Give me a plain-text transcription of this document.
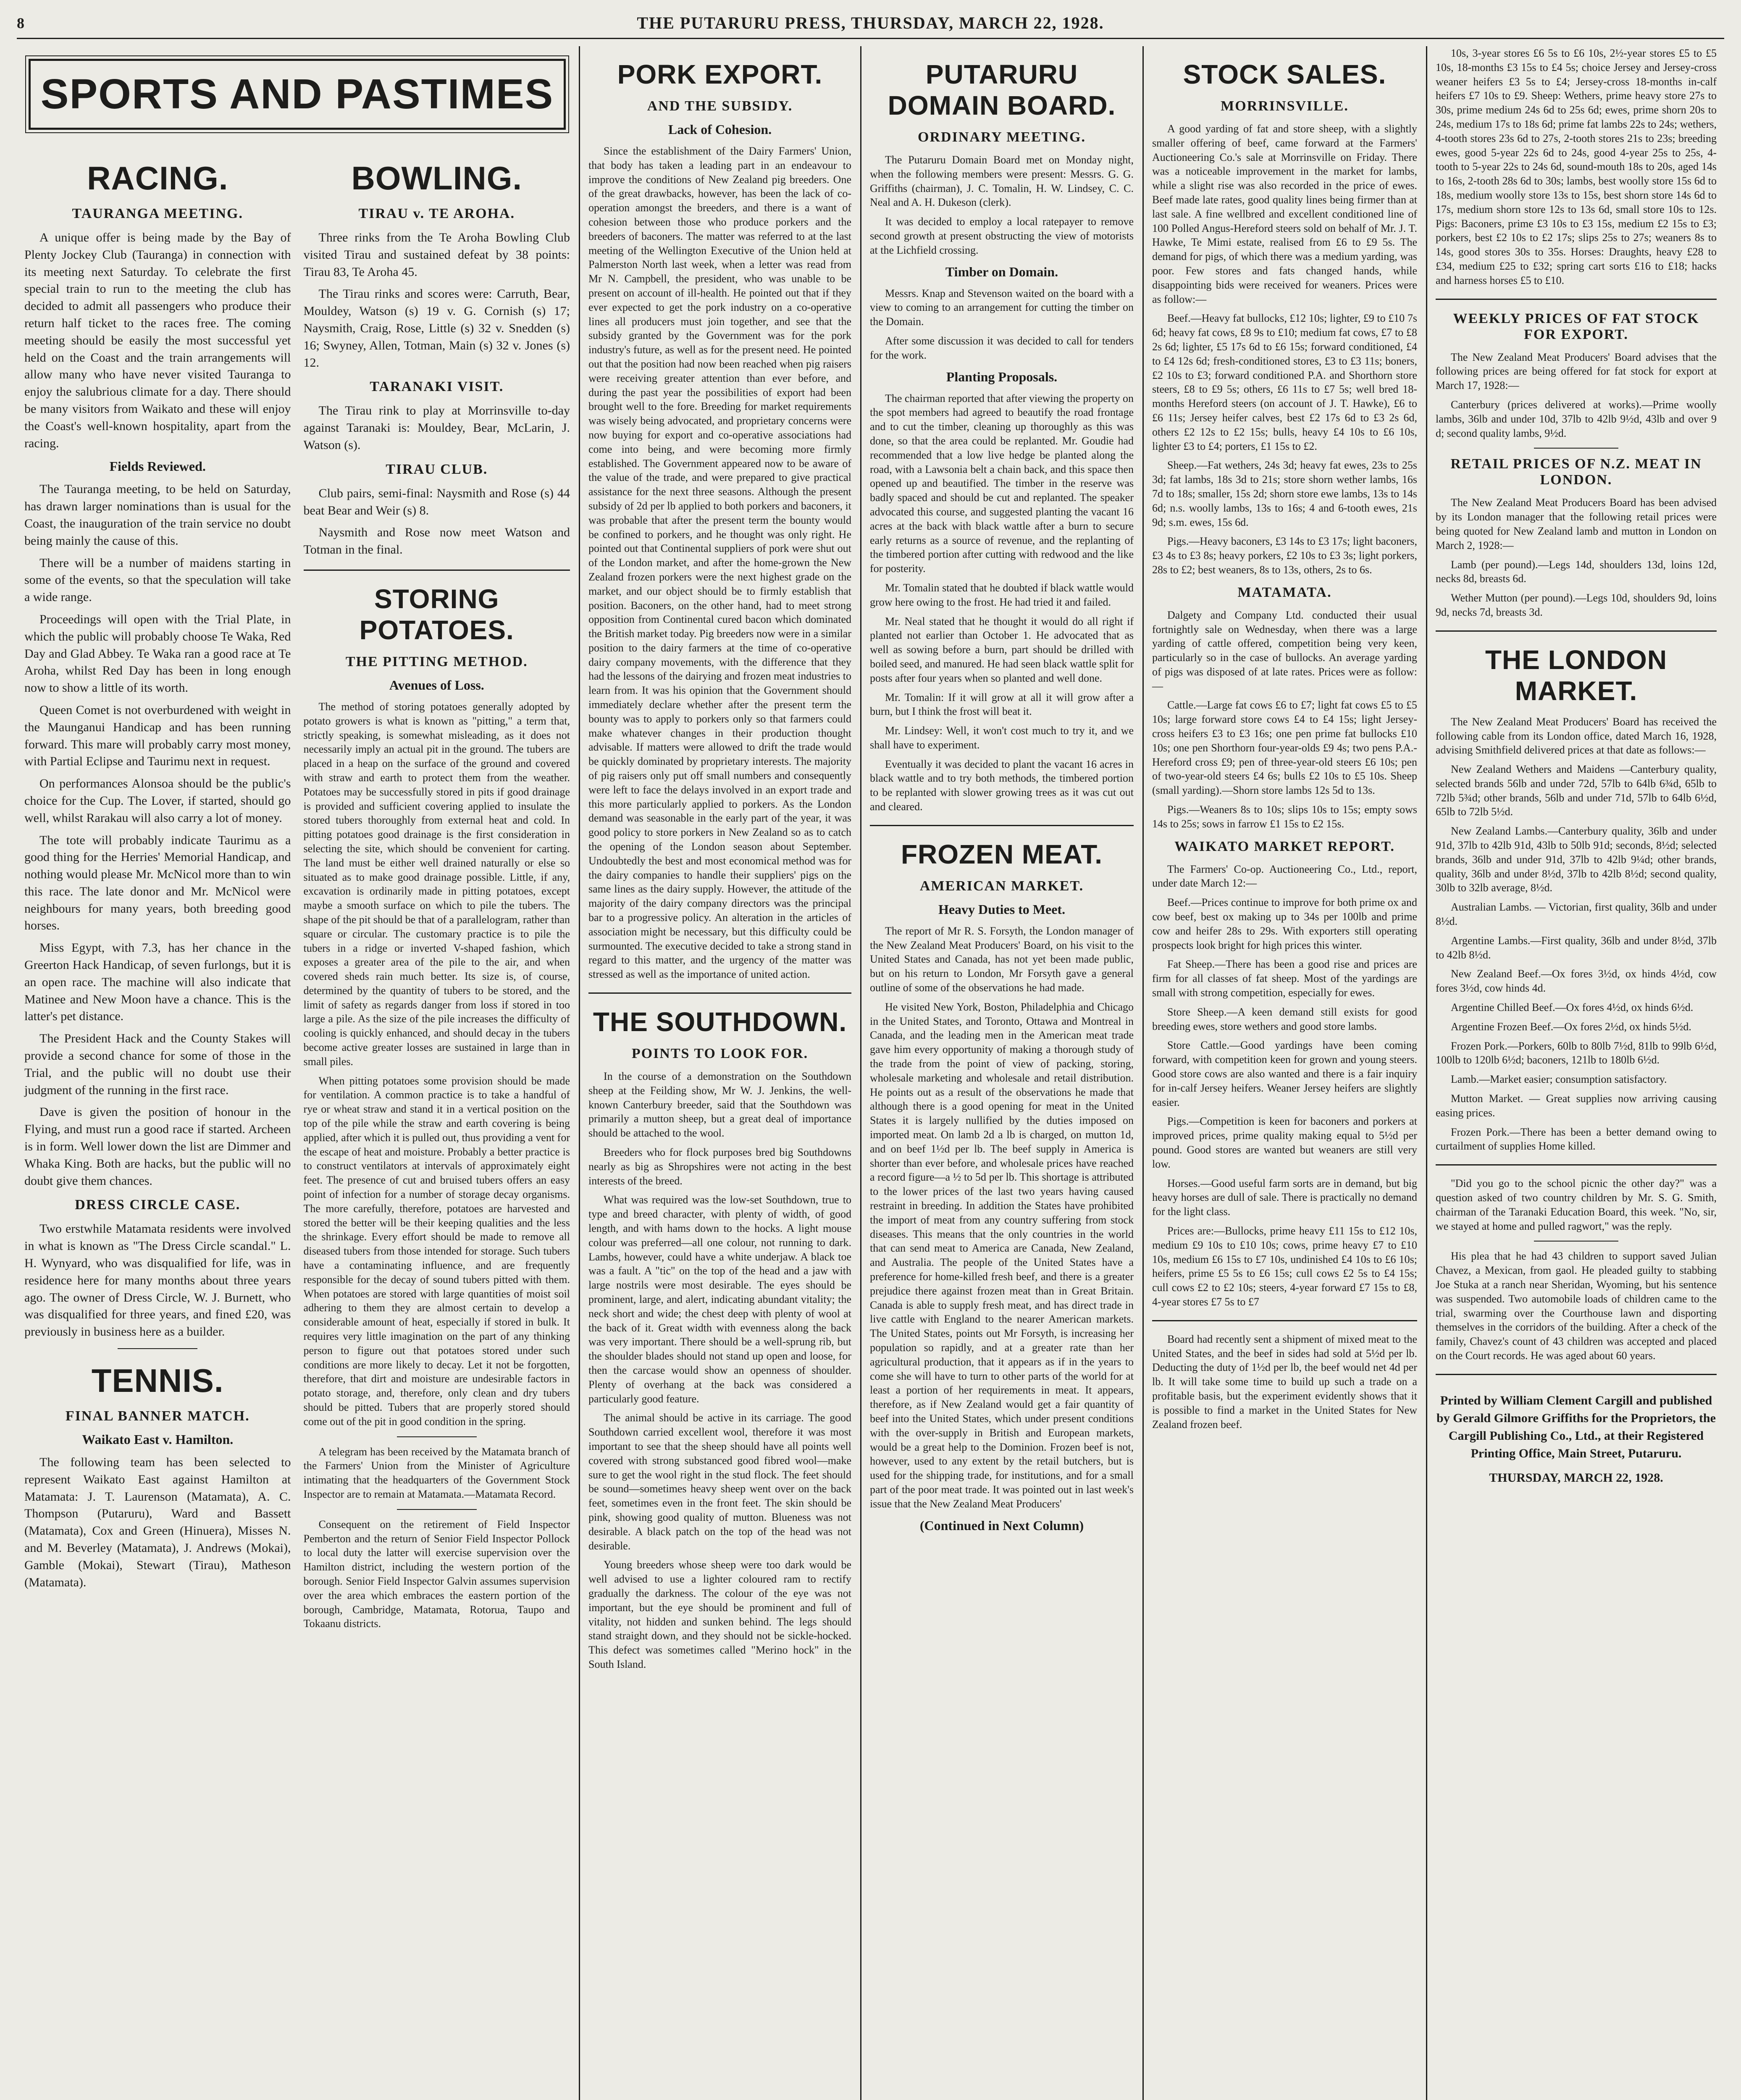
8	THE PUTARURU PRESS, THURSDAY, MARCH 22, 1928.
SPORTS AND PASTIMES
RACING.
TAURANGA MEETING.

A unique offer is being made by the Bay of Plenty Jockey Club (Tauranga) in connection with its meeting next Saturday. To celebrate the first special train to run to the meeting the club has decided to admit all passengers who produce their return half ticket to the races free. The coming meeting should be easily the most successful yet held on the Coast and the train arrangements will allow many who have never visited Tauranga to enjoy the salubrious climate for a day. There should be many visitors from Waikato and these will enjoy the Coast's well-known hospitality, apart from the racing.

Fields Reviewed.

The Tauranga meeting, to be held on Saturday, has drawn larger nominations than is usual for the Coast, the inauguration of the train service no doubt being mainly the cause of this.

There will be a number of maidens starting in some of the events, so that the speculation will take a wide range.

Proceedings will open with the Trial Plate, in which the public will probably choose Te Waka, Red Day and Glad Abbey. Te Waka ran a good race at Te Aroha, whilst Red Day has been in long enough now to show a little of its worth.

Queen Comet is not overburdened with weight in the Maunganui Handicap and has been running forward. This mare will probably carry most money, with Partial Eclipse and Taurimu next in request.

On performances Alonsoa should be the public's choice for the Cup. The Lover, if started, should go well, whilst Rarakau will also carry a lot of money.

The tote will probably indicate Taurimu as a good thing for the Herries' Memorial Handicap, and nothing would please Mr. McNicol more than to win this race. The late donor and Mr. McNicol were neighbours for many years, both breeding good horses.

Miss Egypt, with 7.3, has her chance in the Greerton Hack Handicap, of seven furlongs, but it is an open race. The machine will also indicate that Matinee and New Moon have a chance. This is the latter's pet distance.

The President Hack and the County Stakes will provide a second chance for some of those in the Trial, and the public will no doubt use their judgment of the running in the first race.

Dave is given the position of honour in the Flying, and must run a good race if started. Archeen is in form. Well lower down the list are Dimmer and Whaka King. Both are hacks, but the public will no doubt give them chances.

DRESS CIRCLE CASE.

Two erstwhile Matamata residents were involved in what is known as "The Dress Circle scandal." L. H. Wynyard, who was disqualified for life, was in residence here for many months about three years ago. The owner of Dress Circle, W. J. Burnett, who was disqualified for three years, and fined £20, was previously in business here as a builder.

TENNIS.
FINAL BANNER MATCH.
Waikato East v. Hamilton.

The following team has been selected to represent Waikato East against Hamilton at Matamata: J. T. Laurenson (Matamata), A. C. Thompson (Putaruru), Ward and Bassett (Matamata), Cox and Green (Hinuera), Misses N. and M. Beverley (Matamata), J. Andrews (Mokai), Gamble (Mokai), Stewart (Tirau), Matheson (Matamata).

BOWLING.
TIRAU v. TE AROHA.

Three rinks from the Te Aroha Bowling Club visited Tirau and sustained defeat by 38 points: Tirau 83, Te Aroha 45.

The Tirau rinks and scores were: Carruth, Bear, Mouldey, Watson (s) 19 v. G. Cornish (s) 17; Naysmith, Craig, Rose, Little (s) 32 v. Snedden (s) 16; Swyney, Allen, Totman, Main (s) 32 v. Jones (s) 12.

TARANAKI VISIT.

The Tirau rink to play at Morrinsville to-day against Taranaki is: Mouldey, Bear, McLarin, J. Watson (s).

TIRAU CLUB.

Club pairs, semi-final: Naysmith and Rose (s) 44 beat Bear and Weir (s) 8.

Naysmith and Rose now meet Watson and Totman in the final.

STORING POTATOES.
THE PITTING METHOD.
Avenues of Loss.

The method of storing potatoes generally adopted by potato growers is what is known as "pitting," a term that, strictly speaking, is somewhat misleading, as it does not necessarily imply an actual pit in the ground. The tubers are placed in a heap on the surface of the ground and covered with straw and earth to protect them from the weather. Potatoes may be successfully stored in pits if good drainage is provided and sufficient covering applied to insulate the stored tubers thoroughly from external heat and cold. In pitting potatoes good drainage is the first consideration in selecting the site, which should be convenient for carting. The land must be either well drained naturally or else so situated as to make good drainage possible. Little, if any, excavation is ordinarily made in pitting potatoes, except maybe a smooth surface on which to pile the tubers. The shape of the pit should be that of a parallelogram, rather than square or circular. The customary practice is to pile the tubers in a ridge or inverted V-shaped fashion, which exposes a greater area of the pile to the air, and when covered sheds rain much better. Its size is, of course, determined by the quantity of tubers to be stored, and the limit of safety as regards danger from loss if stored in too large a pile. As the size of the pile increases the difficulty of cooling is quickly enhanced, and should decay in the tubers become active greater losses are sustained in large than in small piles.

When pitting potatoes some provision should be made for ventilation. A common practice is to take a handful of rye or wheat straw and stand it in a vertical position on the top of the pile while the straw and earth covering is being applied, after which it is pulled out, thus providing a vent for the escape of heat and moisture. Probably a better practice is to construct ventilators at intervals of approximately eight feet. The presence of cut and bruised tubers offers an easy point of infection for a number of storage decay organisms. The more carefully, therefore, potatoes are harvested and stored the better will be their keeping qualities and the less the shrinkage. Every effort should be made to remove all diseased tubers from those intended for storage. Such tubers have a contaminating influence, and are frequently responsible for the decay of sound tubers pitted with them. When potatoes are stored with large quantities of moist soil adhering to them they are almost certain to develop a considerable amount of heat, especially if stored in bulk. It requires very little imagination on the part of any thinking person to figure out that potatoes stored under such conditions are more likely to decay. Let it not be forgotten, therefore, that dirt and moisture are undesirable factors in potato storage, and, therefore, only clean and dry tubers should be pitted. Tubers that are properly stored should come out of the pit in good condition in the spring.

A telegram has been received by the Matamata branch of the Farmers' Union from the Minister of Agriculture intimating that the headquarters of the Government Stock Inspector are to remain at Matamata.—Matamata Record.

Consequent on the retirement of Field Inspector Pemberton and the return of Senior Field Inspector Pollock to local duty the latter will exercise supervision over the Hamilton district, including the western portion of the borough. Senior Field Inspector Galvin assumes supervision over the area which embraces the eastern portion of the borough, Cambridge, Matamata, Rotorua, Taupo and Tokaanu districts.

PORK EXPORT.
AND THE SUBSIDY.
Lack of Cohesion.

Since the establishment of the Dairy Farmers' Union, that body has taken a leading part in an endeavour to improve the conditions of New Zealand pig breeders. One of the great drawbacks, however, has been the lack of co-operation amongst the breeders, and there is a want of cohesion between those who produce porkers and the breeders of baconers. The matter was referred to at the last meeting of the Wellington Executive of the Union held at Palmerston North last week, when a letter was read from Mr N. Campbell, the president, who was unable to be present on account of ill-health. He pointed out that if they ever expected to get the pork industry on a co-operative lines all producers must join together, and see that the subsidy granted by the Government was for the pork industry's future, as well as for the present need. He pointed out that the position had now been reached when pig raisers were receiving greater attention than ever before, and during the past year the possibilities of export had been brought well to the fore. Breeding for market requirements was wisely being advocated, and proprietary concerns were now buying for export and co-operative associations had come into being, and were becoming more firmly established. The Government appeared now to be aware of the value of the trade, and were prepared to give practical assistance for the next three seasons. Although the present subsidy of 2d per lb applied to both porkers and baconers, it was probable that after the present term the bounty would be confined to porkers, and he thought was only right. He pointed out that Continental suppliers of pork were shut out of the London market, and after the home-grown the New Zealand frozen porkers were the next highest grade on the market, and our object should be to firmly establish that position. Baconers, on the other hand, had to meet strong opposition from Continental cured bacon which dominated the British market today. Pig breeders now were in a similar position to the dairy farmers at the time of co-operative dairy company movements, with the difference that they had the lessons of the dairying and frozen meat industries to learn from. It was his opinion that the Government should immediately declare whether after the present term the bounty was to apply to porkers only so that farmers could make whatever changes in their production thought advisable. If matters were allowed to drift the trade would be quickly dominated by proprietary interests. The majority of pig raisers only put off small numbers and consequently were left to face the delays involved in an export trade and this more particularly applied to porkers. As the London demand was seasonable in the early part of the year, it was good policy to store porkers in New Zealand so as to catch the opening of the London season about September. Undoubtedly the best and most economical method was for the dairy companies to handle their suppliers' pigs on the same lines as the dairy supply. However, the attitude of the majority of the dairy company directors was the principal bar to a progressive policy. An alteration in the articles of association might be necessary, but this difficulty could be surmounted. The executive decided to take a strong stand in regard to this matter, and the urgency of the matter was stressed as well as the importance of united action.

THE SOUTHDOWN.
POINTS TO LOOK FOR.

In the course of a demonstration on the Southdown sheep at the Feilding show, Mr W. J. Jenkins, the well-known Canterbury breeder, said that the Southdown was primarily a mutton sheep, but a great deal of importance should be attached to the wool.

Breeders who for flock purposes bred big Southdowns nearly as big as Shropshires were not acting in the best interests of the breed.

What was required was the low-set Southdown, true to type and breed character, with plenty of width, of good length, and with hams down to the hocks. A light mouse colour was preferred—all one colour, not running to dark. Lambs, however, could have a white underjaw. A black toe was a fault. A "tic" on the top of the head and a jaw with large nostrils were most desirable. The eyes should be prominent, large, and alert, indicating abundant vitality; the neck short and wide; the chest deep with plenty of wool at the back of it. Great width with evenness along the back was very important. There should be a well-sprung rib, but the shoulder blades should not stand up open and loose, for then the carcase would show an openness of shoulder. Plenty of overhang at the back was considered a particularly good feature.

The animal should be active in its carriage. The good Southdown carried excellent wool, therefore it was most important to see that the sheep should have all points well covered with strong substanced good fibred wool—make sure to get the wool right in the stud flock. The feet should be sound—sometimes heavy sheep went over on the back feet, sometimes even in the front feet. The skin should be pink, showing good quality of mutton. Blueness was not desirable. A black patch on the top of the head was not desirable.

Young breeders whose sheep were too dark would be well advised to use a lighter coloured ram to rectify gradually the darkness. The colour of the eye was not important, but the eye should be prominent and full of vitality, not hidden and sunken behind. The legs should stand straight down, and they should not be sickle-hocked. This defect was sometimes called "Merino hock" in the South Island.

PUTARURU DOMAIN BOARD.
ORDINARY MEETING.

The Putaruru Domain Board met on Monday night, when the following members were present: Messrs. G. G. Griffiths (chairman), J. C. Tomalin, H. W. Lindsey, C. C. Neal and A. H. Dukeson (clerk).

It was decided to employ a local ratepayer to remove second growth at present obstructing the view of motorists at the Lichfield crossing.

Timber on Domain.

Messrs. Knap and Stevenson waited on the board with a view to coming to an arrangement for cutting the timber on the Domain.

After some discussion it was decided to call for tenders for the work.

Planting Proposals.

The chairman reported that after viewing the property on the spot members had agreed to beautify the road frontage and to cut the timber, cleaning up thoroughly as this was done, so that the area could be replanted. Mr. Goudie had recommended that a low live hedge be planted along the road, with a Lawsonia belt a chain back, and this space then opened up and beautified. The timber in the reserve was badly spaced and should be cut and replanted. The speaker advocated this course, and suggested planting the vacant 16 acres at the back with black wattle after a burn to secure early returns as a source of revenue, and the replanting of the timbered portion after cutting with redwood and the like for posterity.

Mr. Tomalin stated that he doubted if black wattle would grow here owing to the frost. He had tried it and failed.

Mr. Neal stated that he thought it would do all right if planted not earlier than October 1. He advocated that as well as sowing before a burn, part should be drilled with boiled seed, and manured. He had seen black wattle split for posts after four years when so planted and well done.

Mr. Tomalin: If it will grow at all it will grow after a burn, but I think the frost will beat it.

Mr. Lindsey: Well, it won't cost much to try it, and we shall have to experiment.

Eventually it was decided to plant the vacant 16 acres in black wattle and to try both methods, the timbered portion to be replanted with slower growing trees as it was cut out and cleared.

FROZEN MEAT.
AMERICAN MARKET.
Heavy Duties to Meet.

The report of Mr R. S. Forsyth, the London manager of the New Zealand Meat Producers' Board, on his visit to the United States and Canada, has not yet been made public, but on his return to London, Mr Forsyth gave a general outline of some of the observations he had made.

He visited New York, Boston, Philadelphia and Chicago in the United States, and Toronto, Ottawa and Montreal in Canada, and the leading men in the American meat trade gave him every opportunity of making a thorough study of the trade from the point of view of packing, storing, wholesale marketing and wholesale and retail distribution. He points out as a result of the observations he made that although there is a good opening for meat in the United States it is largely nullified by the duties imposed on imported meat. On lamb 2d a lb is charged, on mutton 1d, and on beef 1½d per lb. The beef supply in America is shorter than ever before, and wholesale prices have reached a record figure—a ½ to 5d per lb. This shortage is attributed to the lower prices of the last two years having caused restraint in breeding. In addition the States have prohibited the import of meat from any country suffering from stock diseases. This means that the only countries in the world that can send meat to America are Canada, New Zealand, and Australia. The people of the United States have a preference for home-killed fresh beef, and there is a greater prejudice there against frozen meat than in Great Britain. Canada is able to supply fresh meat, and has direct trade in live cattle with England to the nearer American markets. The United States, points out Mr Forsyth, is increasing her population so rapidly, and at a greater rate than her agricultural production, that it appears as if in the years to come she will have to turn to other parts of the world for at least a portion of her requirements in meat. It appears, therefore, as if New Zealand would get a fair quantity of beef into the United States, which under present conditions with the over-supply in British and European markets, would be a great help to the Dominion. Frozen beef is not, however, used to any extent by the retail butchers, but is used for the shipping trade, for institutions, and for a small part of the poor meat trade. It was pointed out in last week's issue that the New Zealand Meat Producers'

(Continued in Next Column)
STOCK SALES.
MORRINSVILLE.

A good yarding of fat and store sheep, with a slightly smaller offering of beef, came forward at the Farmers' Auctioneering Co.'s sale at Morrinsville on Friday. There was a noticeable improvement in the market for lambs, while a slight rise was also recorded in the price of ewes. Beef made late rates, good quality lines being firmer than at last sale. A fine wellbred and excellent conditioned line of 100 Polled Angus-Hereford steers sold on behalf of Mr. J. T. Hawke, Te Mimi estate, realised from £6 to £9 5s. The demand for pigs, of which there was a medium yarding, was poor. Few stores and fats changed hands, while disappointing bids were received for weaners. Prices were as follow:—

Beef.—Heavy fat bullocks, £12 10s; lighter, £9 to £10 7s 6d; heavy fat cows, £8 9s to £10; medium fat cows, £7 to £8 2s 6d; lighter, £5 17s 6d to £6 15s; forward conditioned, £4 to £4 12s 6d; fresh-conditioned stores, £3 to £3 11s; boners, £2 10s to £3; forward conditioned P.A. and Shorthorn store steers, £8 to £9 5s; others, £6 11s to £7 5s; well bred 18-months Hereford steers (on account of J. T. Hawke), £6 to £6 11s; Jersey heifer calves, best £2 17s 6d to £3 2s 6d, others £2 12s to £2 15s; bulls, heavy £4 10s to £6 10s, lighter £3 to £4; porters, £1 15s to £2.

Sheep.—Fat wethers, 24s 3d; heavy fat ewes, 23s to 25s 3d; fat lambs, 18s 3d to 21s; store shorn wether lambs, 16s 7d to 18s; smaller, 15s 2d; shorn store ewe lambs, 13s to 14s 6d; n.s. woolly lambs, 13s to 16s; 4 and 6-tooth ewes, 21s 9d; s.m. ewes, 15s 6d.

Pigs.—Heavy baconers, £3 14s to £3 17s; light baconers, £3 4s to £3 8s; heavy porkers, £2 10s to £3 3s; light porkers, 28s to £2; best weaners, 8s to 13s, others, 2s to 6s.

MATAMATA.

Dalgety and Company Ltd. conducted their usual fortnightly sale on Wednesday, when there was a large yarding of cattle offered, competition being very keen, particularly so in the case of bullocks. An average yarding of pigs was disposed of at late rates. Prices were as follow:—

Cattle.—Large fat cows £6 to £7; light fat cows £5 to £5 10s; large forward store cows £4 to £4 15s; light Jersey-cross heifers £3 to £3 16s; one pen prime fat bullocks £10 10s; one pen Shorthorn four-year-olds £9 4s; two pens P.A.-Hereford cross £9; pen of three-year-old steers £6 10s; pen of two-year-old steers £4 6s; bulls £2 10s to £5 10s. Sheep (small yarding).—Shorn store lambs 12s 5d to 13s.

Pigs.—Weaners 8s to 10s; slips 10s to 15s; empty sows 14s to 25s; sows in farrow £1 15s to £2 15s.

WAIKATO MARKET REPORT.

The Farmers' Co-op. Auctioneering Co., Ltd., report, under date March 12:—

Beef.—Prices continue to improve for both prime ox and cow beef, best ox making up to 34s per 100lb and prime cow and heifer 28s to 29s. With exporters still operating prospects look bright for high prices this winter.

Fat Sheep.—There has been a good rise and prices are firm for all classes of fat sheep. Most of the yardings are small with strong competition, especially for ewes.

Store Sheep.—A keen demand still exists for good breeding ewes, store wethers and good store lambs.

Store Cattle.—Good yardings have been coming forward, with competition keen for grown and young steers. Good store cows are also wanted and there is a fair inquiry for in-calf Jersey heifers. Weaner Jersey heifers are slightly easier.

Pigs.—Competition is keen for baconers and porkers at improved prices, prime quality making equal to 5½d per pound. Good stores are wanted but weaners are still very low.

Horses.—Good useful farm sorts are in demand, but big heavy horses are dull of sale. There is practically no demand for the light class.

Prices are:—Bullocks, prime heavy £11 15s to £12 10s, medium £9 10s to £10 10s; cows, prime heavy £7 to £10 10s, medium £6 15s to £7 10s, undinished £4 10s to £6 10s; heifers, prime £5 5s to £6 15s; cull cows £2 5s to £4 15s; cull cows £2 to £2 10s; steers, 4-year forward £7 15s to £8, 4-year stores £7 5s to £7

Board had recently sent a shipment of mixed meat to the United States, and the beef in sides had sold at 5½d per lb. Deducting the duty of 1½d per lb, the beef would net 4d per lb. It will take some time to build up such a trade on a profitable basis, but the experiment evidently shows that it is possible to find a market in the United States for New Zealand frozen beef.

10s, 3-year stores £6 5s to £6 10s, 2½-year stores £5 to £5 10s, 18-months £3 15s to £4 5s; choice Jersey and Jersey-cross weaner heifers £3 5s to £4; Jersey-cross 18-months in-calf heifers £7 10s to £9. Sheep: Wethers, prime heavy store 27s to 30s, prime medium 24s 6d to 25s 6d; ewes, prime shorn 20s to 24s, medium 17s to 18s 6d; prime fat lambs 22s to 24s; wethers, 4-tooth stores 23s 6d to 27s, 2-tooth stores 21s to 23s; breeding ewes, good 5-year 22s 6d to 24s, good 4-year 25s to 25s, 4-tooth to 5-year 22s to 24s 6d, sound-mouth 18s to 20s, aged 14s to 16s, 2-tooth 28s 6d to 30s; lambs, best woolly store 15s 6d to 18s, medium woolly store 13s to 15s, best shorn store 14s 6d to 17s, medium shorn store 12s to 13s 6d, small store 10s to 12s. Pigs: Baconers, prime £3 10s to £3 15s, medium £2 15s to £3; porkers, best £2 10s to £2 17s; slips 25s to 27s; weaners 8s to 14s, good stores 30s to 35s. Horses: Draughts, heavy £28 to £34, medium £25 to £32; spring cart sorts £16 to £18; hacks and harness horses £5 to £10.

WEEKLY PRICES OF FAT STOCK FOR EXPORT.

The New Zealand Meat Producers' Board advises that the following prices are being offered for fat stock for export at March 17, 1928:—

Canterbury (prices delivered at works).—Prime woolly lambs, 36lb and under 10d, 37lb to 42lb 9½d, 43lb and over 9 d; second quality lambs, 9½d.

RETAIL PRICES OF N.Z. MEAT IN LONDON.

The New Zealand Meat Producers Board has been advised by its London manager that the following retail prices were being quoted for New Zealand lamb and mutton in London on March 2, 1928:—

Lamb (per pound).—Legs 14d, shoulders 13d, loins 12d, necks 8d, breasts 6d.

Wether Mutton (per pound).—Legs 10d, shoulders 9d, loins 9d, necks 7d, breasts 3d.

THE LONDON MARKET.

The New Zealand Meat Producers' Board has received the following cable from its London office, dated March 16, 1928, advising Smithfield delivered prices at that date as follows:—

New Zealand Wethers and Maidens —Canterbury quality, selected brands 56lb and under 72d, 57lb to 64lb 6¾d, 65lb to 72lb 5¾d; other brands, 56lb and under 71d, 57lb to 64lb 6½d, 65lb to 72lb 5½d.

New Zealand Lambs.—Canterbury quality, 36lb and under 91d, 37lb to 42lb 91d, 43lb to 50lb 91d; seconds, 8½d; selected brands, 36lb and under 91d, 37lb to 42lb 9¼d; other brands, quality, 36lb and under 8½d, 37lb to 42lb 8½d; second quality, 30lb to 32lb average, 8½d.

Australian Lambs. — Victorian, first quality, 36lb and under 8½d.

Argentine Lambs.—First quality, 36lb and under 8½d, 37lb to 42lb 8½d.

New Zealand Beef.—Ox fores 3½d, ox hinds 4½d, cow fores 3½d, cow hinds 4d.

Argentine Chilled Beef.—Ox fores 4½d, ox hinds 6½d.

Argentine Frozen Beef.—Ox fores 2½d, ox hinds 5½d.

Frozen Pork.—Porkers, 60lb to 80lb 7½d, 81lb to 99lb 6½d, 100lb to 120lb 6½d; baconers, 121lb to 180lb 6½d.

Lamb.—Market easier; consumption satisfactory.

Mutton Market. — Great supplies now arriving causing easing prices.

Frozen Pork.—There has been a better demand owing to curtailment of supplies Home killed.

"Did you go to the school picnic the other day?" was a question asked of two country children by Mr. S. G. Smith, chairman of the Taranaki Education Board, this week. "No, sir, we stayed at home and pulled ragwort," was the reply.

His plea that he had 43 children to support saved Julian Chavez, a Mexican, from gaol. He pleaded guilty to stabbing Joe Stuka at a ranch near Sheridan, Wyoming, but his sentence was suspended. Two automobile loads of children came to the trial, swarming over the Courthouse lawn and disporting themselves in the corridors of the building. After a check of the family, Chavez's count of 43 children was accepted and placed on the Court records. He was aged about 60 years.

Printed by William Clement Cargill and published by Gerald Gilmore Griffiths for the Proprietors, the Cargill Publishing Co., Ltd., at their Registered Printing Office, Main Street, Putaruru.
THURSDAY, MARCH 22, 1928.
